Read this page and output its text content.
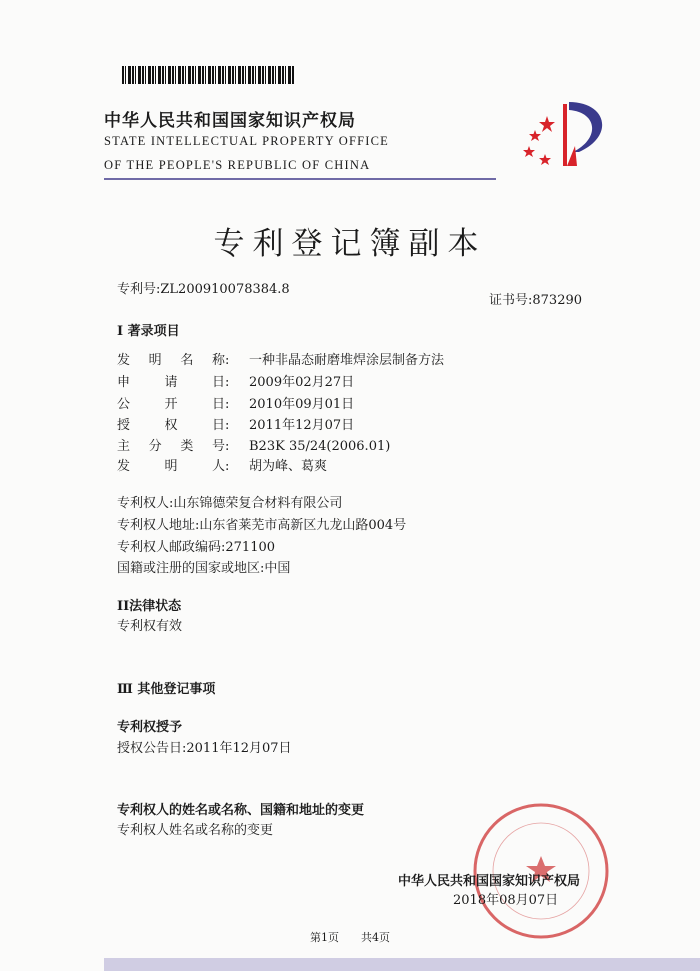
中华人民共和国国家知识产权局
STATE INTELLECTUAL PROPERTY OFFICE
OF THE PEOPLE'S REPUBLIC OF CHINA
专利登记簿副本
专利号:ZL200910078384.8
证书号:873290
I 著录项目
发明名称: 一种非晶态耐磨堆焊涂层制备方法
申请日: 2009年02月27日
公开日: 2010年09月01日
授权日: 2011年12月07日
主分类号: B23K 35/24(2006.01)
发明人: 胡为峰、葛爽
专利权人:山东锦德荣复合材料有限公司
专利权人地址:山东省莱芜市高新区九龙山路004号
专利权人邮政编码:271100
国籍或注册的国家或地区:中国
II法律状态
专利权有效
Ⅲ 其他登记事项
专利权授予
授权公告日:2011年12月07日
专利权人的姓名或名称、国籍和地址的变更
专利权人姓名或名称的变更
中华人民共和国国家知识产权局
2018年08月07日
第1页　　共4页
